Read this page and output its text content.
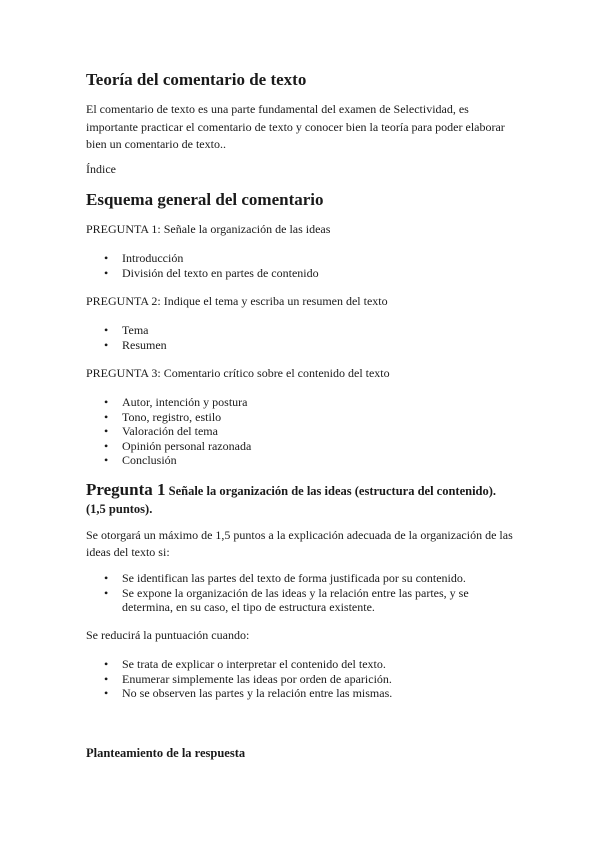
Teoría del comentario de texto

El comentario de texto es una parte fundamental del examen de Selectividad, es importante practicar el comentario de texto y conocer bien la teoría para poder elaborar bien un comentario de texto..

Índice

Esquema general del comentario

PREGUNTA 1: Señale la organización de las ideas

• Introducción
• División del texto en partes de contenido

PREGUNTA 2: Indique el tema y escriba un resumen del texto

• Tema
• Resumen

PREGUNTA 3: Comentario crítico sobre el contenido del texto

• Autor, intención y postura
• Tono, registro, estilo
• Valoración del tema
• Opinión personal razonada
• Conclusión
Pregunta 1 Señale la organización de las ideas (estructura del contenido). (1,5 puntos).

Se otorgará un máximo de 1,5 puntos a la explicación adecuada de la organización de las ideas del texto si:

• Se identifican las partes del texto de forma justificada por su contenido.
• Se expone la organización de las ideas y la relación entre las partes, y se determina, en su caso, el tipo de estructura existente.

Se reducirá la puntuación cuando:

• Se trata de explicar o interpretar el contenido del texto.
• Enumerar simplemente las ideas por orden de aparición.
• No se observen las partes y la relación entre las mismas.

Planteamiento de la respuesta
